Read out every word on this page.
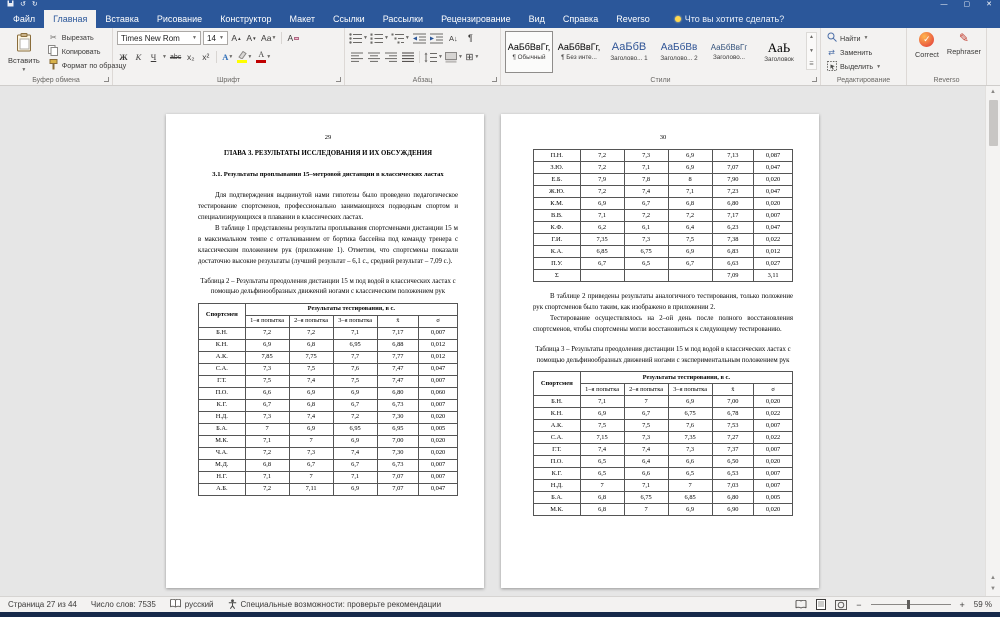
↺ ↻	—	▢	✕
Файл	Главная	Вставка	Рисование	Конструктор	Макет	Ссылки	Рассылки	Рецензирование	Вид	Справка	Reverso	Что вы хотите сделать?
Вставить
▼
✂ Вырезать
Копировать
Формат по образцу
Буфер обмена
Times New Rom ▼ 14 ▼ А ▲ А ▼ Аа ▼ А
Ж К	Ч	▼ abc x₂ x²	А ▼	▼ А ▼
Шрифт
▼	▼	▼	А↓	¶
▼	▼ ⊞ ▼
Абзац
АаБбВвГг,
¶ Обычный
АаБбВвГг,
¶ Без инте...
АаБбВ
Заголово... 1
АаБбВв
Заголово... 2
АаБбВвГг
Заголово...
АаЬ
Заголовок
▲
▼
☰
Стили
Найти ▼
⇄ Заменить
Выделить ▼
Редактирование
✓
Correct
✎
Rephraser
Reverso
29
ГЛАВА 3. РЕЗУЛЬТАТЫ ИССЛЕДОВАНИЯ И ИХ ОБСУЖДЕНИЯ
3.1. Результаты проплывания 15–метровой дистанции в классических ластах

Для подтверждения выдвинутой нами гипотезы было проведено педагогическое тестирование спортсменов, профессионально занимающихся подводным спортом и специализирующихся в плавании в классических ластах.

В таблице 1 представлены результаты проплывания спортсменами дистанции 15 м в максимальном темпе с отталкиванием от бортика бассейна под команду тренера с классическим положением рук (приложение 1). Отметим, что спортсмены показали достаточно высокие результаты (лучший результат – 6,1 с., средний результат – 7,09 с.).

Таблица 2 – Результаты преодоления дистанции 15 м под водой в классических ластах с помощью дельфинообразных движений ногами с классическим положением рук

Спортсмен	Результаты тестирования, в с.				
	1–я попытка	2–я попытка	3–я попытка	x̄	σ
Б.Н.	7,2	7,2	7,1	7,17	0,007
К.Н.	6,9	6,8	6,95	6,88	0,012
А.К.	7,85	7,75	7,7	7,77	0,012
С.А.	7,3	7,5	7,6	7,47	0,047
Г.Т.	7,5	7,4	7,5	7,47	0,007
П.О.	6,6	6,9	6,9	6,80	0,060
К.Г.	6,7	6,8	6,7	6,73	0,007
Н.Д.	7,3	7,4	7,2	7,30	0,020
Б.А.	7	6,9	6,95	6,95	0,005
М.К.	7,1	7	6,9	7,00	0,020
Ч.А.	7,2	7,3	7,4	7,30	0,020
М.Д.	6,8	6,7	6,7	6,73	0,007
Н.Г.	7,1	7	7,1	7,07	0,007
А.Б.	7,2	7,11	6,9	7,07	0,047
30
П.Н.	7,2	7,3	6,9	7,13	0,087
З.Ю.	7,2	7,1	6,9	7,07	0,047
Е.Б.	7,9	7,8	8	7,90	0,020
Ж.Ю.	7,2	7,4	7,1	7,23	0,047
К.М.	6,9	6,7	6,8	6,80	0,020
В.В.	7,1	7,2	7,2	7,17	0,007
К.Ф.	6,2	6,1	6,4	6,23	0,047
Г.И.	7,35	7,3	7,5	7,38	0,022
К.А.	6,85	6,75	6,9	6,83	0,012
П.У.	6,7	6,5	6,7	6,63	0,027
Σ				7,09	3,11

В таблице 2 приведены результаты аналогичного тестирования, только положение рук спортсменов было таким, как изображено в приложении 2.

Тестирование осуществлялось на 2–ой день после полного восстановления спортсменов, чтобы спортсмены могли восстановиться к следующему тестированию.

Таблица 3 – Результаты преодоления дистанции 15 м под водой в классических ластах с помощью дельфинообразных движений ногами с экспериментальным положением рук

Спортсмен	Результаты тестирования, в с.				
	1–я попытка	2–я попытка	3–я попытка	x̄	σ
Б.Н.	7,1	7	6,9	7,00	0,020
К.Н.	6,9	6,7	6,75	6,78	0,022
А.К.	7,5	7,5	7,6	7,53	0,007
С.А.	7,15	7,3	7,35	7,27	0,022
Г.Т.	7,4	7,4	7,3	7,37	0,007
П.О.	6,5	6,4	6,6	6,50	0,020
К.Г.	6,5	6,6	6,5	6,53	0,007
Н.Д.	7	7,1	7	7,03	0,007
Б.А.	6,8	6,75	6,85	6,80	0,005
М.К.	6,8	7	6,9	6,90	0,020
▲
▲
▼
Страница 27 из 44 Число слов: 7535	русский	Специальные возможности: проверьте рекомендации	−	+ 59 %
